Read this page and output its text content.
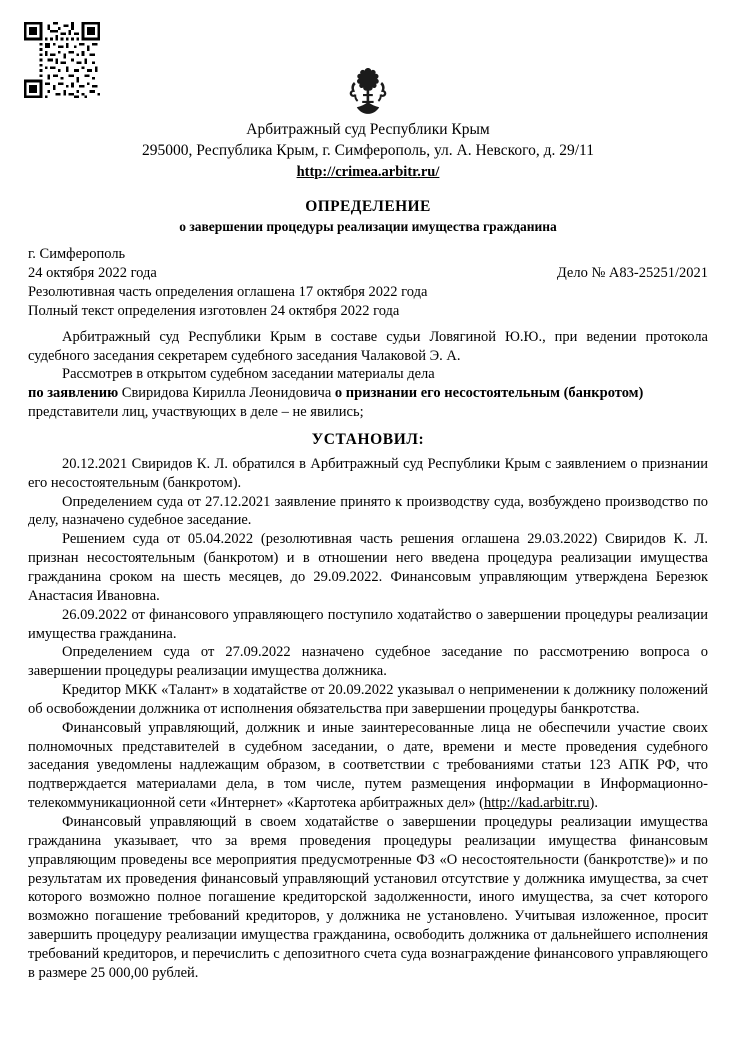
Арбитражный суд Республики Крым
295000, Республика Крым, г. Симферополь, ул. А. Невского, д. 29/11
http://crimea.arbitr.ru/
ОПРЕДЕЛЕНИЕ
о завершении процедуры реализации имущества гражданина
г. Симферополь
24 октября 2022 года	Дело № А83-25251/2021
Резолютивная часть определения оглашена 17 октября 2022 года
Полный текст определения изготовлен 24 октября 2022 года

Арбитражный суд Республики Крым в составе судьи Ловягиной Ю.Ю., при ведении протокола судебного заседания секретарем судебного заседания Чалаковой Э. А.

Рассмотрев в открытом судебном заседании материалы дела

по заявлению Свиридова Кирилла Леонидовича о признании его несостоятельным (банкротом)

представители лиц, участвующих в деле – не явились;

УСТАНОВИЛ:

20.12.2021 Свиридов К. Л. обратился в Арбитражный суд Республики Крым с заявлением о признании его несостоятельным (банкротом).

Определением суда от 27.12.2021 заявление принято к производству суда, возбуждено производство по делу, назначено судебное заседание.

Решением суда от 05.04.2022 (резолютивная часть решения оглашена 29.03.2022) Свиридов К. Л. признан несостоятельным (банкротом) и в отношении него введена процедура реализации имущества гражданина сроком на шесть месяцев, до 29.09.2022. Финансовым управляющим утверждена Березюк Анастасия Ивановна.

26.09.2022 от финансового управляющего поступило ходатайство о завершении процедуры реализации имущества гражданина.

Определением суда от 27.09.2022 назначено судебное заседание по рассмотрению вопроса о завершении процедуры реализации имущества должника.

Кредитор МКК «Талант» в ходатайстве от 20.09.2022 указывал о неприменении к должнику положений об освобождении должника от исполнения обязательства при завершении процедуры банкротства.

Финансовый управляющий, должник и иные заинтересованные лица не обеспечили участие своих полномочных представителей в судебном заседании, о дате, времени и месте проведения судебного заседания уведомлены надлежащим образом, в соответствии с требованиями статьи 123 АПК РФ, что подтверждается материалами дела, в том числе, путем размещения информации в Информационно-телекоммуникационной сети «Интернет» «Картотека арбитражных дел» (http://kad.arbitr.ru).

Финансовый управляющий в своем ходатайстве о завершении процедуры реализации имущества гражданина указывает, что за время проведения процедуры реализации имущества финансовым управляющим проведены все мероприятия предусмотренные ФЗ «О несостоятельности (банкротстве)» и по результатам их проведения финансовый управляющий установил отсутствие у должника имущества, за счет которого возможно полное погашение кредиторской задолженности, иного имущества, за счет которого возможно погашение требований кредиторов, у должника не установлено. Учитывая изложенное, просит завершить процедуру реализации имущества гражданина, освободить должника от дальнейшего исполнения требований кредиторов, и перечислить с депозитного счета суда вознаграждение финансового управляющего в размере 25 000,00 рублей.
